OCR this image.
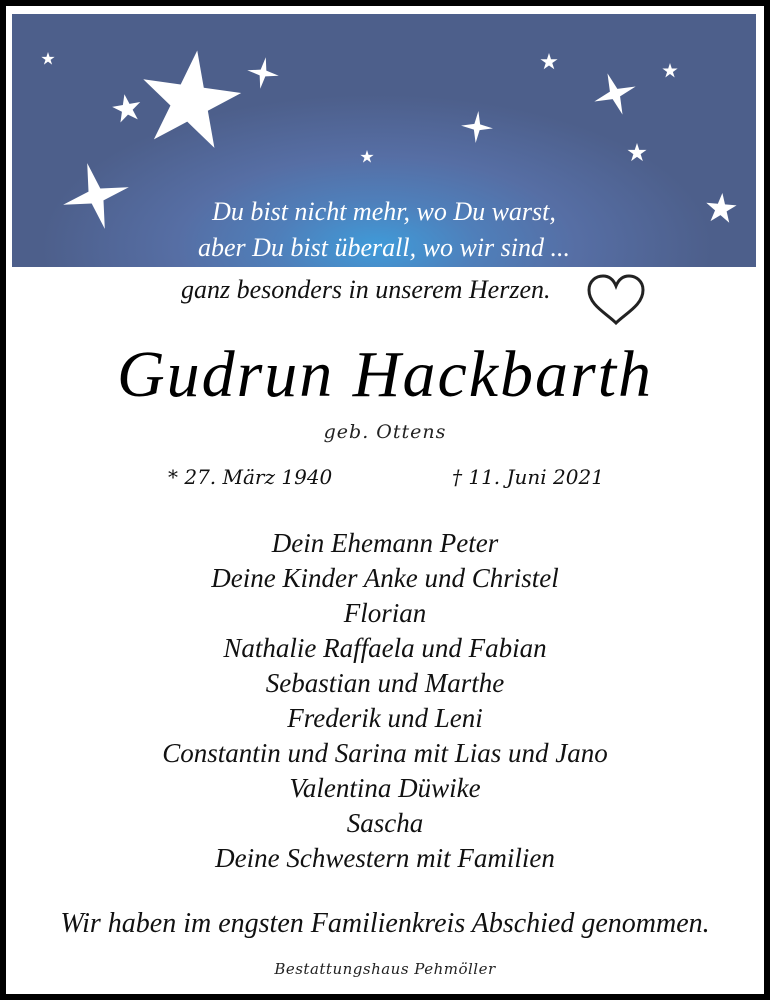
Du bist nicht mehr, wo Du warst,
aber Du bist überall, wo wir sind ...
ganz besonders in unserem Herzen.
Gudrun Hackbarth
geb. Ottens
* 27. März 1940	† 11. Juni 2021
Dein Ehemann Peter
Deine Kinder Anke und Christel
Florian
Nathalie Raffaela und Fabian
Sebastian und Marthe
Frederik und Leni
Constantin und Sarina mit Lias und Jano
Valentina Düwike
Sascha
Deine Schwestern mit Familien
Wir haben im engsten Familienkreis Abschied genommen.
Bestattungshaus Pehmöller
